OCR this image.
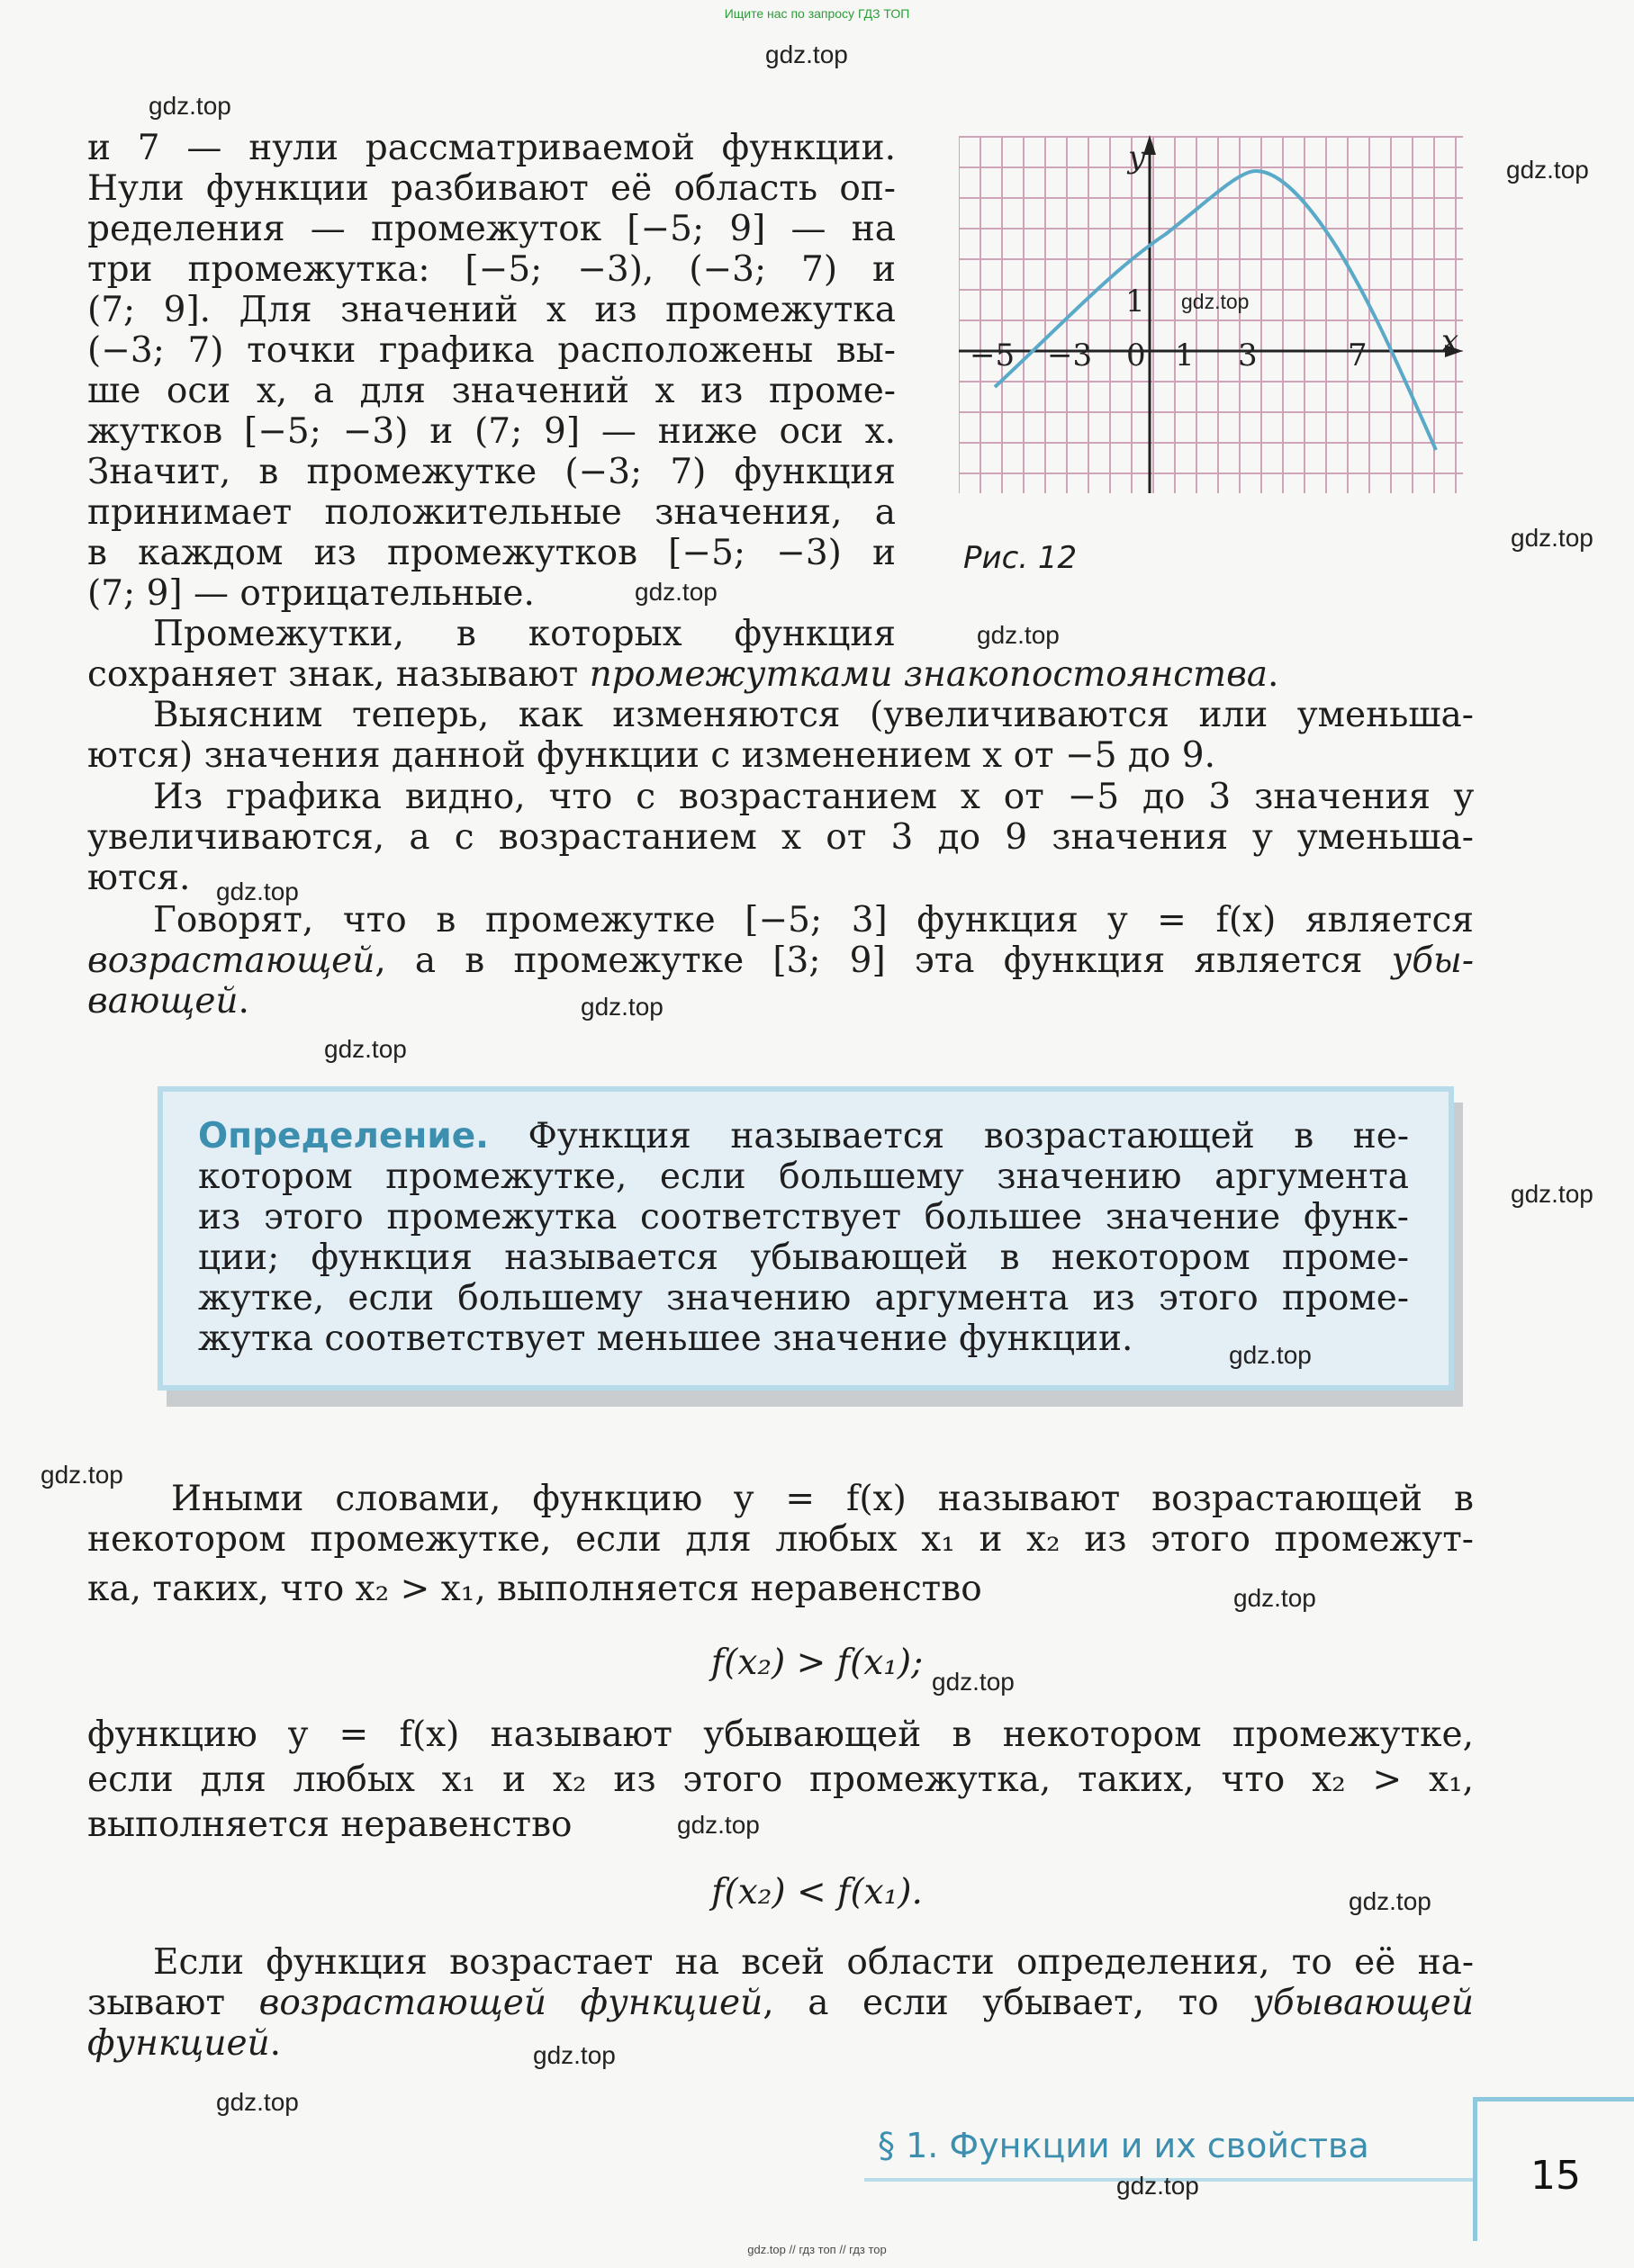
Ищите нас по запросу ГДЗ ТОП
gdz.top // гдз топ // гдз тор
и 7 — нули рассматриваемой функции.
Нули функции разбивают её область оп-
ределения — промежуток [−5; 9] — на
три промежутка: [−5; −3), (−3; 7) и
(7; 9]. Для значений x из промежутка
(−3; 7) точки графика расположены вы-
ше оси x, а для значений x из проме-
жутков [−5; −3) и (7; 9] — ниже оси x.
Значит, в промежутке (−3; 7) функция
принимает положительные значения, а
в каждом из промежутков [−5; −3) и
(7; 9] — отрицательные.
y
x
−5 −3 0 1 3	7
1
Рис. 12
Промежутки, в которых функция
сохраняет знак, называют промежутками знакопостоянства.
Выясним теперь, как изменяются (увеличиваются или уменьша-
ются) значения данной функции с изменением x от −5 до 9.
Из графика видно, что с возрастанием x от −5 до 3 значения y
увеличиваются, а с возрастанием x от 3 до 9 значения y уменьша-
ются.
Говорят, что в промежутке [−5; 3] функция y = f(x) является
возрастающей, а в промежутке [3; 9] эта функция является убы-
вающей.
Определение. Функция называется возрастающей в не-
котором промежутке, если большему значению аргумента
из этого промежутка соответствует большее значение функ-
ции; функция называется убывающей в некотором проме-
жутке, если большему значению аргумента из этого проме-
жутка соответствует меньшее значение функции.
Иными словами, функцию y = f(x) называют возрастающей в
некотором промежутке, если для любых x₁ и x₂ из этого промежут-
ка, таких, что x₂ > x₁, выполняется неравенство
f(x₂) > f(x₁);
функцию y = f(x) называют убывающей в некотором промежутке,
если для любых x₁ и x₂ из этого промежутка, таких, что x₂ > x₁,
выполняется неравенство
f(x₂) < f(x₁).
Если функция возрастает на всей области определения, то её на-
зывают возрастающей функцией, а если убывает, то убывающей
функцией.
§ 1. Функции и их свойства
15
gdz.top
gdz.top
gdz.top
gdz.top
gdz.top
gdz.top
gdz.top
gdz.top
gdz.top
gdz.top
gdz.top
gdz.top
gdz.top
gdz.top
gdz.top
gdz.top
gdz.top
gdz.top
gdz.top
gdz.top
